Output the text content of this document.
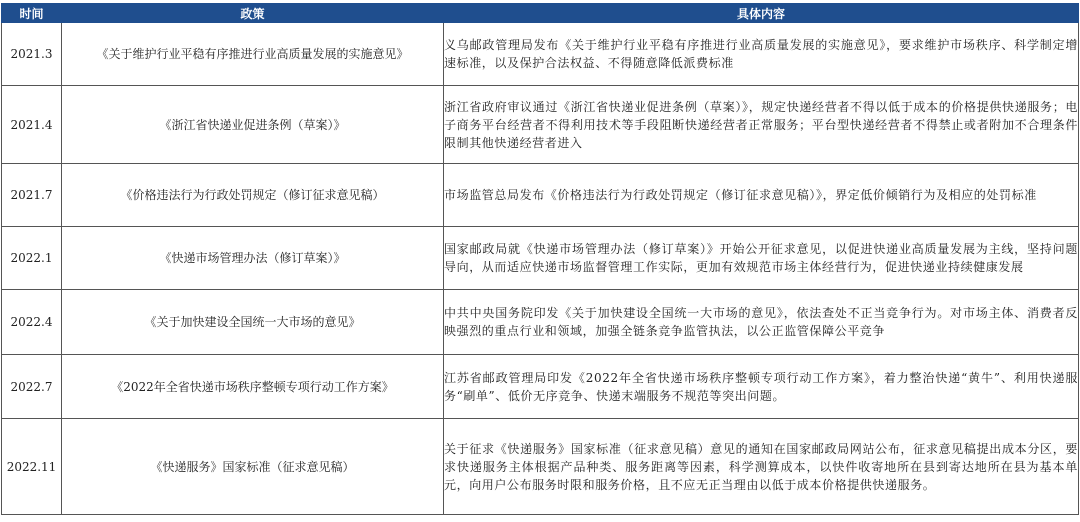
时间	政策	具体内容
2021.3	《关于维护行业平稳有序推进行业高质量发展的实施意见》	义乌邮政管理局发布《关于维护行业平稳有序推进行业高质量发展的实施意见》，要求维护市场秩序、科学制定增速标准，以及保护合法权益、不得随意降低派费标准
2021.4	《浙江省快递业促进条例（草案）》	浙江省政府审议通过《浙江省快递业促进条例（草案）》，规定快递经营者不得以低于成本的价格提供快递服务；电子商务平台经营者不得利用技术等手段阻断快递经营者正常服务；平台型快递经营者不得禁止或者附加不合理条件限制其他快递经营者进入
2021.7	《价格违法行为行政处罚规定（修订征求意见稿）	市场监管总局发布《价格违法行为行政处罚规定（修订征求意见稿）》，界定低价倾销行为及相应的处罚标准
2022.1	《快递市场管理办法（修订草案）》	国家邮政局就《快递市场管理办法（修订草案）》开始公开征求意见，以促进快递业高质量发展为主线，坚持问题导向，从而适应快递市场监督管理工作实际，更加有效规范市场主体经营行为，促进快递业持续健康发展
2022.4	《关于加快建设全国统一大市场的意见》	中共中央国务院印发《关于加快建设全国统一大市场的意见》，依法查处不正当竞争行为。对市场主体、消费者反映强烈的重点行业和领域，加强全链条竞争监管执法，以公正监管保障公平竞争
2022.7	《2022年全省快递市场秩序整顿专项行动工作方案》	江苏省邮政管理局印发《2022年全省快递市场秩序整顿专项行动工作方案》，着力整治快递“黄牛”、利用快递服务“刷单”、低价无序竞争、快递末端服务不规范等突出问题。
2022.11	《快递服务》国家标准（征求意见稿）	关于征求《快递服务》国家标准（征求意见稿）意见的通知在国家邮政局网站公布，征求意见稿提出成本分区，要求快递服务主体根据产品种类、服务距离等因素，科学测算成本，以快件收寄地所在县到寄达地所在县为基本单元，向用户公布服务时限和服务价格，且不应无正当理由以低于成本价格提供快递服务。
